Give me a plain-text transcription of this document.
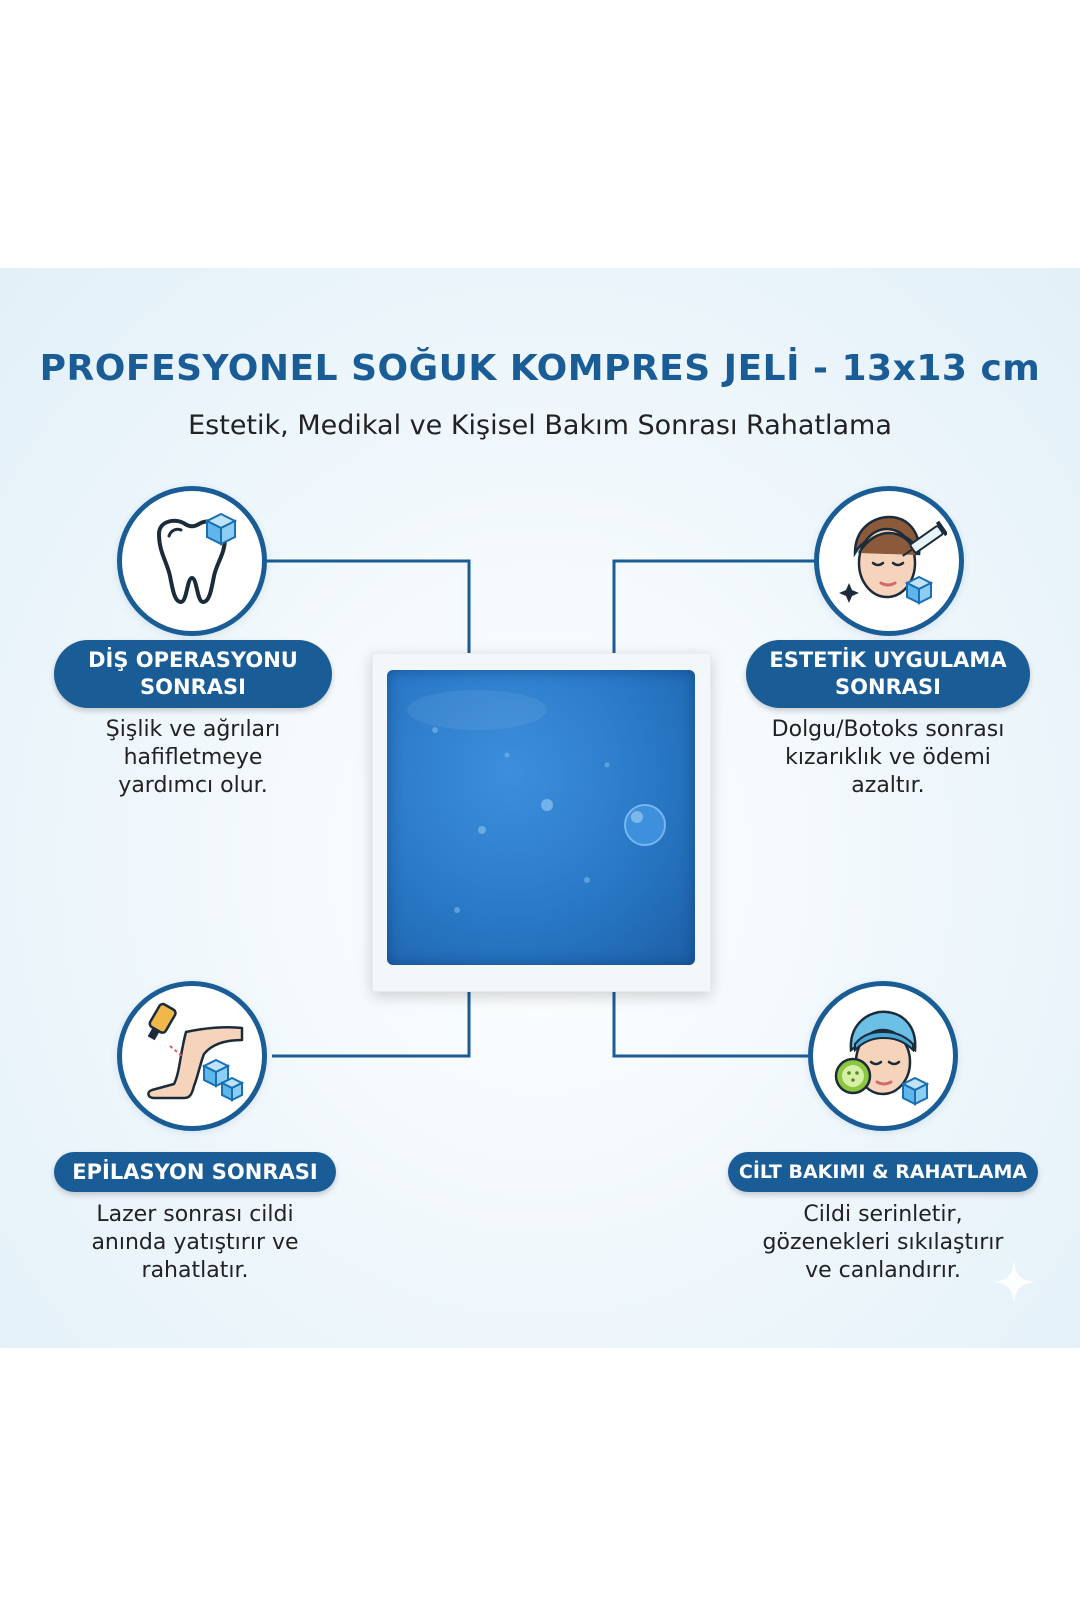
PROFESYONEL SOĞUK KOMPRES JELİ - 13x13 cm
Estetik, Medikal ve Kişisel Bakım Sonrası Rahatlama
DİŞ OPERASYONU
SONRASI
Şişlik ve ağrıları
hafifletmeye
yardımcı olur.
ESTETİK UYGULAMA
SONRASI
Dolgu/Botoks sonrası
kızarıklık ve ödemi
azaltır.
EPİLASYON SONRASI
Lazer sonrası cildi
anında yatıştırır ve
rahatlatır.
CİLT BAKIMI & RAHATLAMA
Cildi serinletir,
gözenekleri sıkılaştırır
ve canlandırır.
